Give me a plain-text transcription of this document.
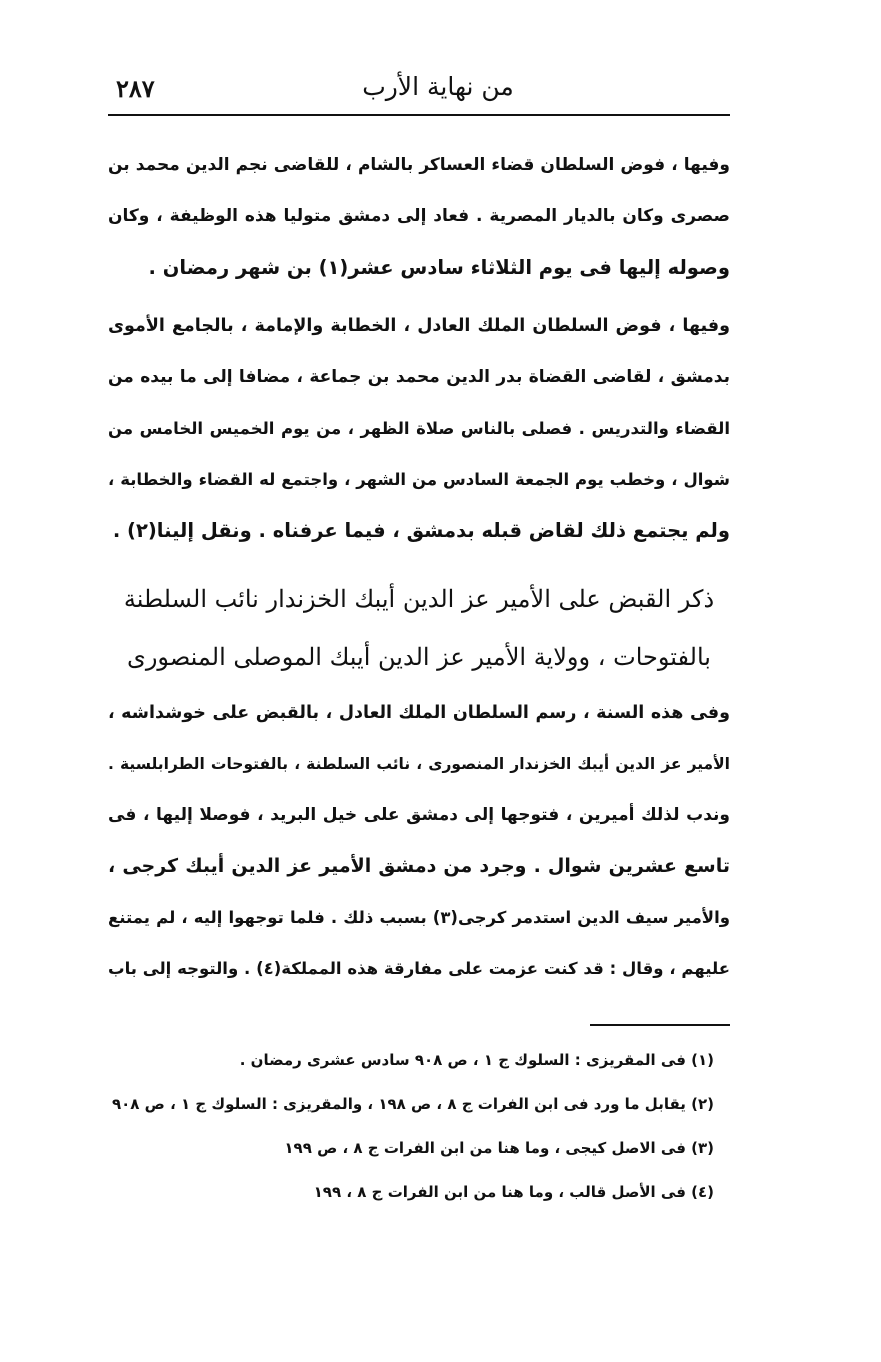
٢٨٧	من نهاية الأرب

وفيها ، فوض السلطان قضاء العساكر بالشام ، للقاضى نجم الدين محمد بن
صصرى وكان بالديار المصرية . فعاد إلى دمشق متوليا هذه الوظيفة ، وكان
وصوله إليها فى يوم الثلاثاء سادس عشر(١) بن شهر رمضان .

وفيها ، فوض السلطان الملك العادل ، الخطابة والإمامة ، بالجامع الأموى
بدمشق ، لقاضى القضاة بدر الدين محمد بن جماعة ، مضافا إلى ما بيده من
القضاء والتدريس . فصلى بالناس صلاة الظهر ، من يوم الخميس الخامس من
شوال ، وخطب يوم الجمعة السادس من الشهر ، واجتمع له القضاء والخطابة ،
ولم يجتمع ذلك لقاض قبله بدمشق ، فيما عرفناه . ونقل إلينا(٢) .

ذكر القبض على الأمير عز الدين أيبك الخزندار نائب السلطنة
بالفتوحات ، وولاية الأمير عز الدين أيبك الموصلى المنصورى

وفى هذه السنة ، رسم السلطان الملك العادل ، بالقبض على خوشداشه ،
الأمير عز الدين أيبك الخزندار المنصورى ، نائب السلطنة ، بالفتوحات الطرابلسية .
وندب لذلك أميرين ، فتوجها إلى دمشق على خيل البريد ، فوصلا إليها ، فى
تاسع عشرين شوال . وجرد من دمشق الأمير عز الدين أيبك كرجى ،
والأمير سيف الدين استدمر كرجى(٣) بسبب ذلك . فلما توجهوا إليه ، لم يمتنع
عليهم ، وقال : قد كنت عزمت على مفارقة هذه المملكة(٤) . والتوجه إلى باب

(١) فى المقريزى : السلوك ج ١ ، ص ٩٠٨ سادس عشرى رمضان .
(٢) يقابل ما ورد فى ابن الفرات ج ٨ ، ص ١٩٨ ، والمقريزى : السلوك ج ١ ، ص ٩٠٨
(٣) فى الاصل كيجى ، وما هنا من ابن الفرات ج ٨ ، ص ١٩٩
(٤) فى الأصل قالب ، وما هنا من ابن الفرات ج ٨ ، ١٩٩
